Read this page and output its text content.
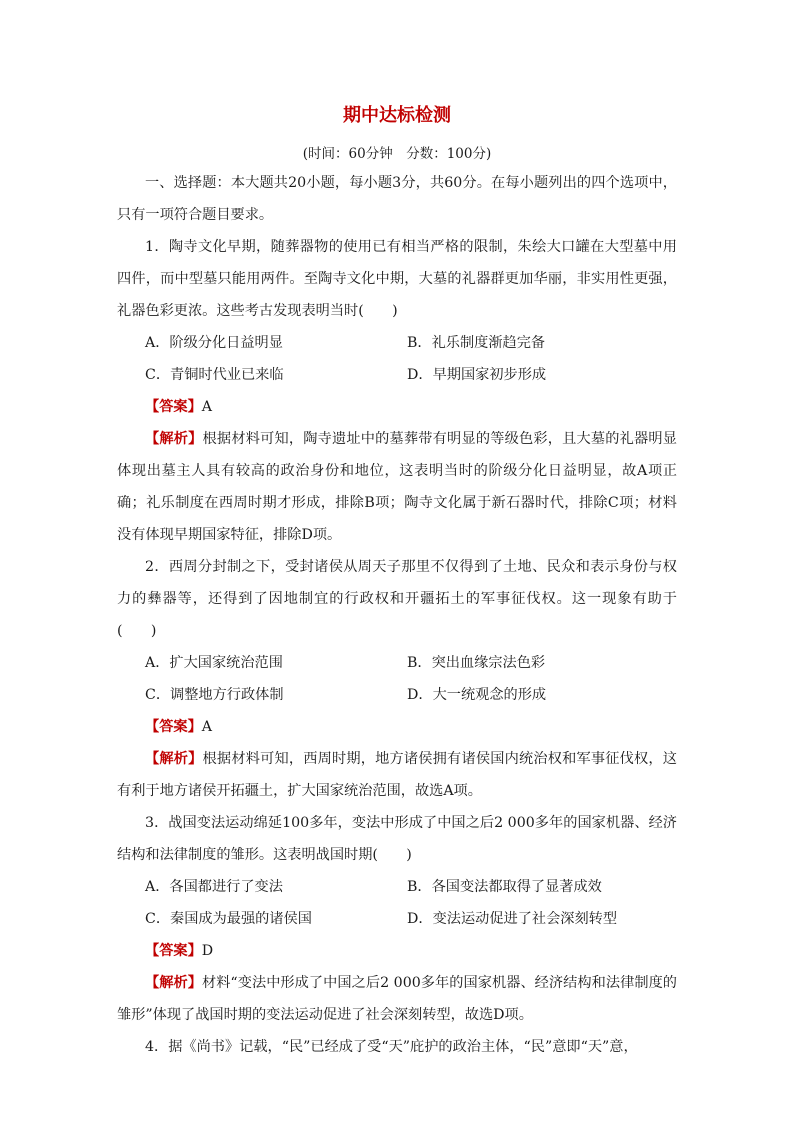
期中达标检测
(时间：60分钟　分数：100分)

一、选择题：本大题共20小题，每小题3分，共60分。在每小题列出的四个选项中，只有一项符合题目要求。

1．陶寺文化早期，随葬器物的使用已有相当严格的限制，朱绘大口罐在大型墓中用四件，而中型墓只能用两件。至陶寺文化中期，大墓的礼器群更加华丽，非实用性更强，礼器色彩更浓。这些考古发现表明当时(　　)

A．阶级分化日益明显	B．礼乐制度渐趋完备
C．青铜时代业已来临	D．早期国家初步形成

【答案】A

【解析】根据材料可知，陶寺遗址中的墓葬带有明显的等级色彩，且大墓的礼器明显体现出墓主人具有较高的政治身份和地位，这表明当时的阶级分化日益明显，故A项正确；礼乐制度在西周时期才形成，排除B项；陶寺文化属于新石器时代，排除C项；材料没有体现早期国家特征，排除D项。

2．西周分封制之下，受封诸侯从周天子那里不仅得到了土地、民众和表示身份与权力的彝器等，还得到了因地制宜的行政权和开疆拓土的军事征伐权。这一现象有助于(　　)

A．扩大国家统治范围	B．突出血缘宗法色彩
C．调整地方行政体制	D．大一统观念的形成

【答案】A

【解析】根据材料可知，西周时期，地方诸侯拥有诸侯国内统治权和军事征伐权，这有利于地方诸侯开拓疆土，扩大国家统治范围，故选A项。

3．战国变法运动绵延100多年，变法中形成了中国之后2 000多年的国家机器、经济结构和法律制度的雏形。这表明战国时期(　　)

A．各国都进行了变法	B．各国变法都取得了显著成效
C．秦国成为最强的诸侯国	D．变法运动促进了社会深刻转型

【答案】D

【解析】材料“变法中形成了中国之后2 000多年的国家机器、经济结构和法律制度的雏形”体现了战国时期的变法运动促进了社会深刻转型，故选D项。

4．据《尚书》记载，“民”已经成了受“天”庇护的政治主体，“民”意即“天”意，
